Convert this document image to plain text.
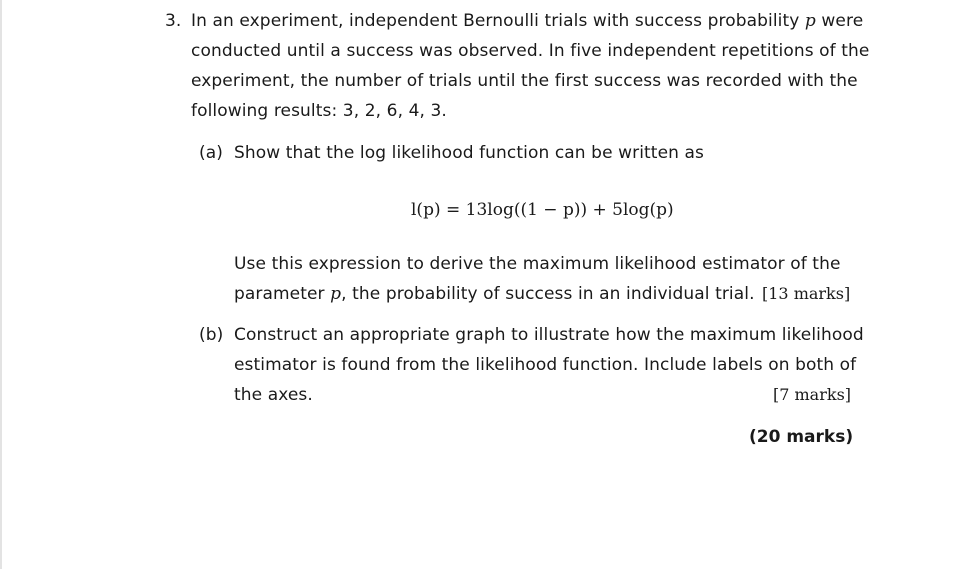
3. In an experiment, independent Bernoulli trials with success probability p were
conducted until a success was observed. In five independent repetitions of the
experiment, the number of trials until the first success was recorded with the
following results: 3, 2, 6, 4, 3.
(a) Show that the log likelihood function can be written as
l(p) = 13log((1 − p)) + 5log(p)
Use this expression to derive the maximum likelihood estimator of the
parameter p, the probability of success in an individual trial. [13 marks]
(b) Construct an appropriate graph to illustrate how the maximum likelihood
estimator is found from the likelihood function. Include labels on both of
the axes.	[7 marks]
(20 marks)
